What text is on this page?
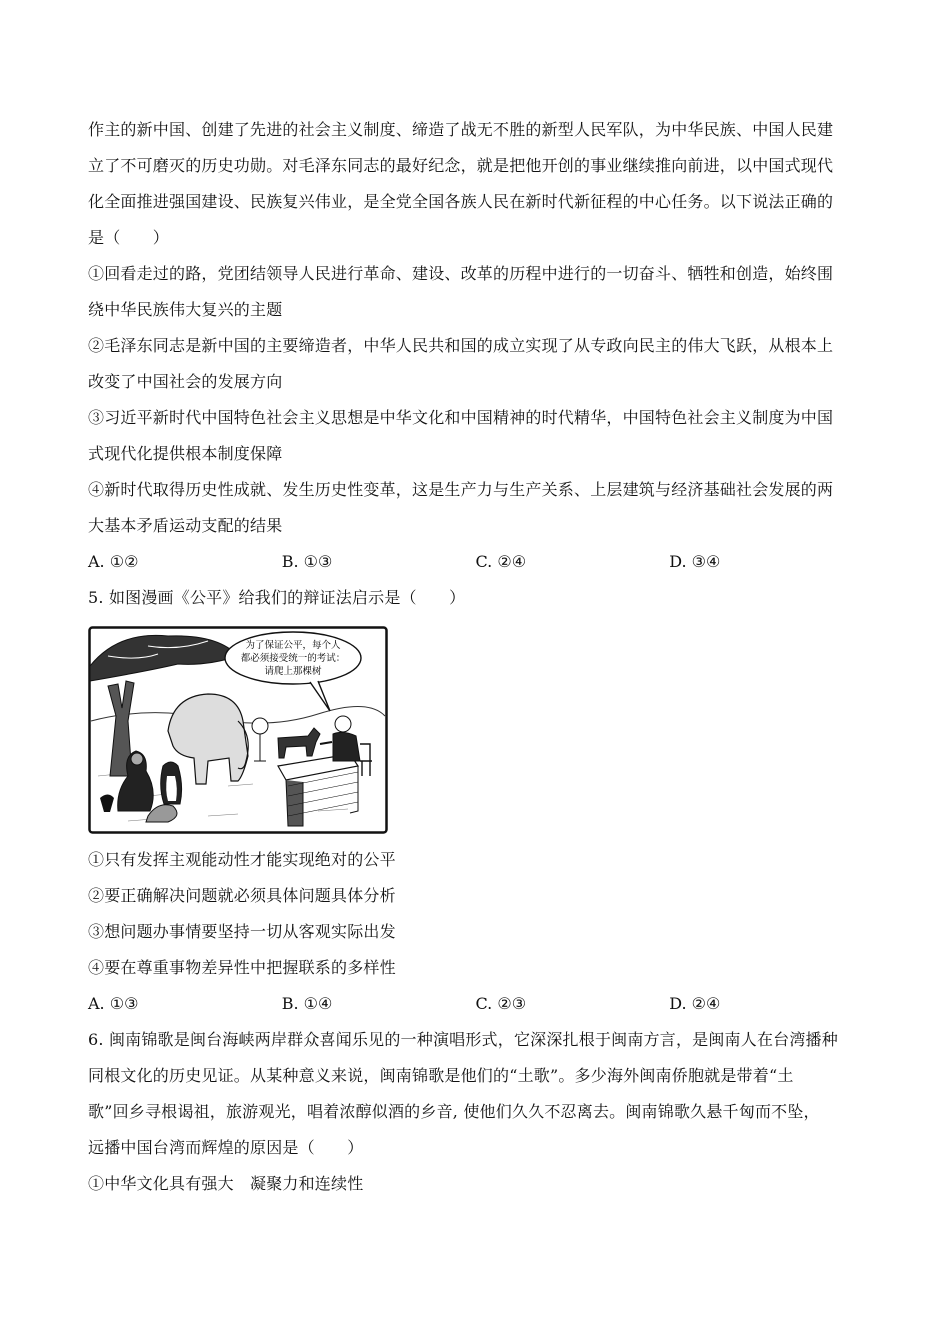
作主的新中国、创建了先进的社会主义制度、缔造了战无不胜的新型人民军队，为中华民族、中国人民建
立了不可磨灭的历史功勋。对毛泽东同志的最好纪念，就是把他开创的事业继续推向前进，以中国式现代
化全面推进强国建设、民族复兴伟业，是全党全国各族人民在新时代新征程的中心任务。以下说法正确的
是（　　）
①回看走过的路，党团结领导人民进行革命、建设、改革的历程中进行的一切奋斗、牺牲和创造，始终围
绕中华民族伟大复兴的主题
②毛泽东同志是新中国的主要缔造者，中华人民共和国的成立实现了从专政向民主的伟大飞跃，从根本上
改变了中国社会的发展方向
③习近平新时代中国特色社会主义思想是中华文化和中国精神的时代精华，中国特色社会主义制度为中国
式现代化提供根本制度保障
④新时代取得历史性成就、发生历史性变革，这是生产力与生产关系、上层建筑与经济基础社会发展的两
大基本矛盾运动支配的结果
A. ①②	B. ①③	C. ②④	D. ③④
5. 如图漫画《公平》给我们的辩证法启示是（　　）
为了保证公平，每个人
都必须接受统一的考试：
请爬上那棵树
①只有发挥主观能动性才能实现绝对的公平
②要正确解决问题就必须具体问题具体分析
③想问题办事情要坚持一切从客观实际出发
④要在尊重事物差异性中把握联系的多样性
A. ①③	B. ①④	C. ②③	D. ②④
6. 闽南锦歌是闽台海峡两岸群众喜闻乐见的一种演唱形式，它深深扎根于闽南方言，是闽南人在台湾播种
同根文化的历史见证。从某种意义来说，闽南锦歌是他们的“土歌”。多少海外闽南侨胞就是带着“土
歌”回乡寻根谒祖，旅游观光，唱着浓醇似酒的乡音, 使他们久久不忍离去。闽南锦歌久悬千匈而不坠，
远播中国台湾而辉煌的原因是（　　）
①中华文化具有强大　凝聚力和连续性
